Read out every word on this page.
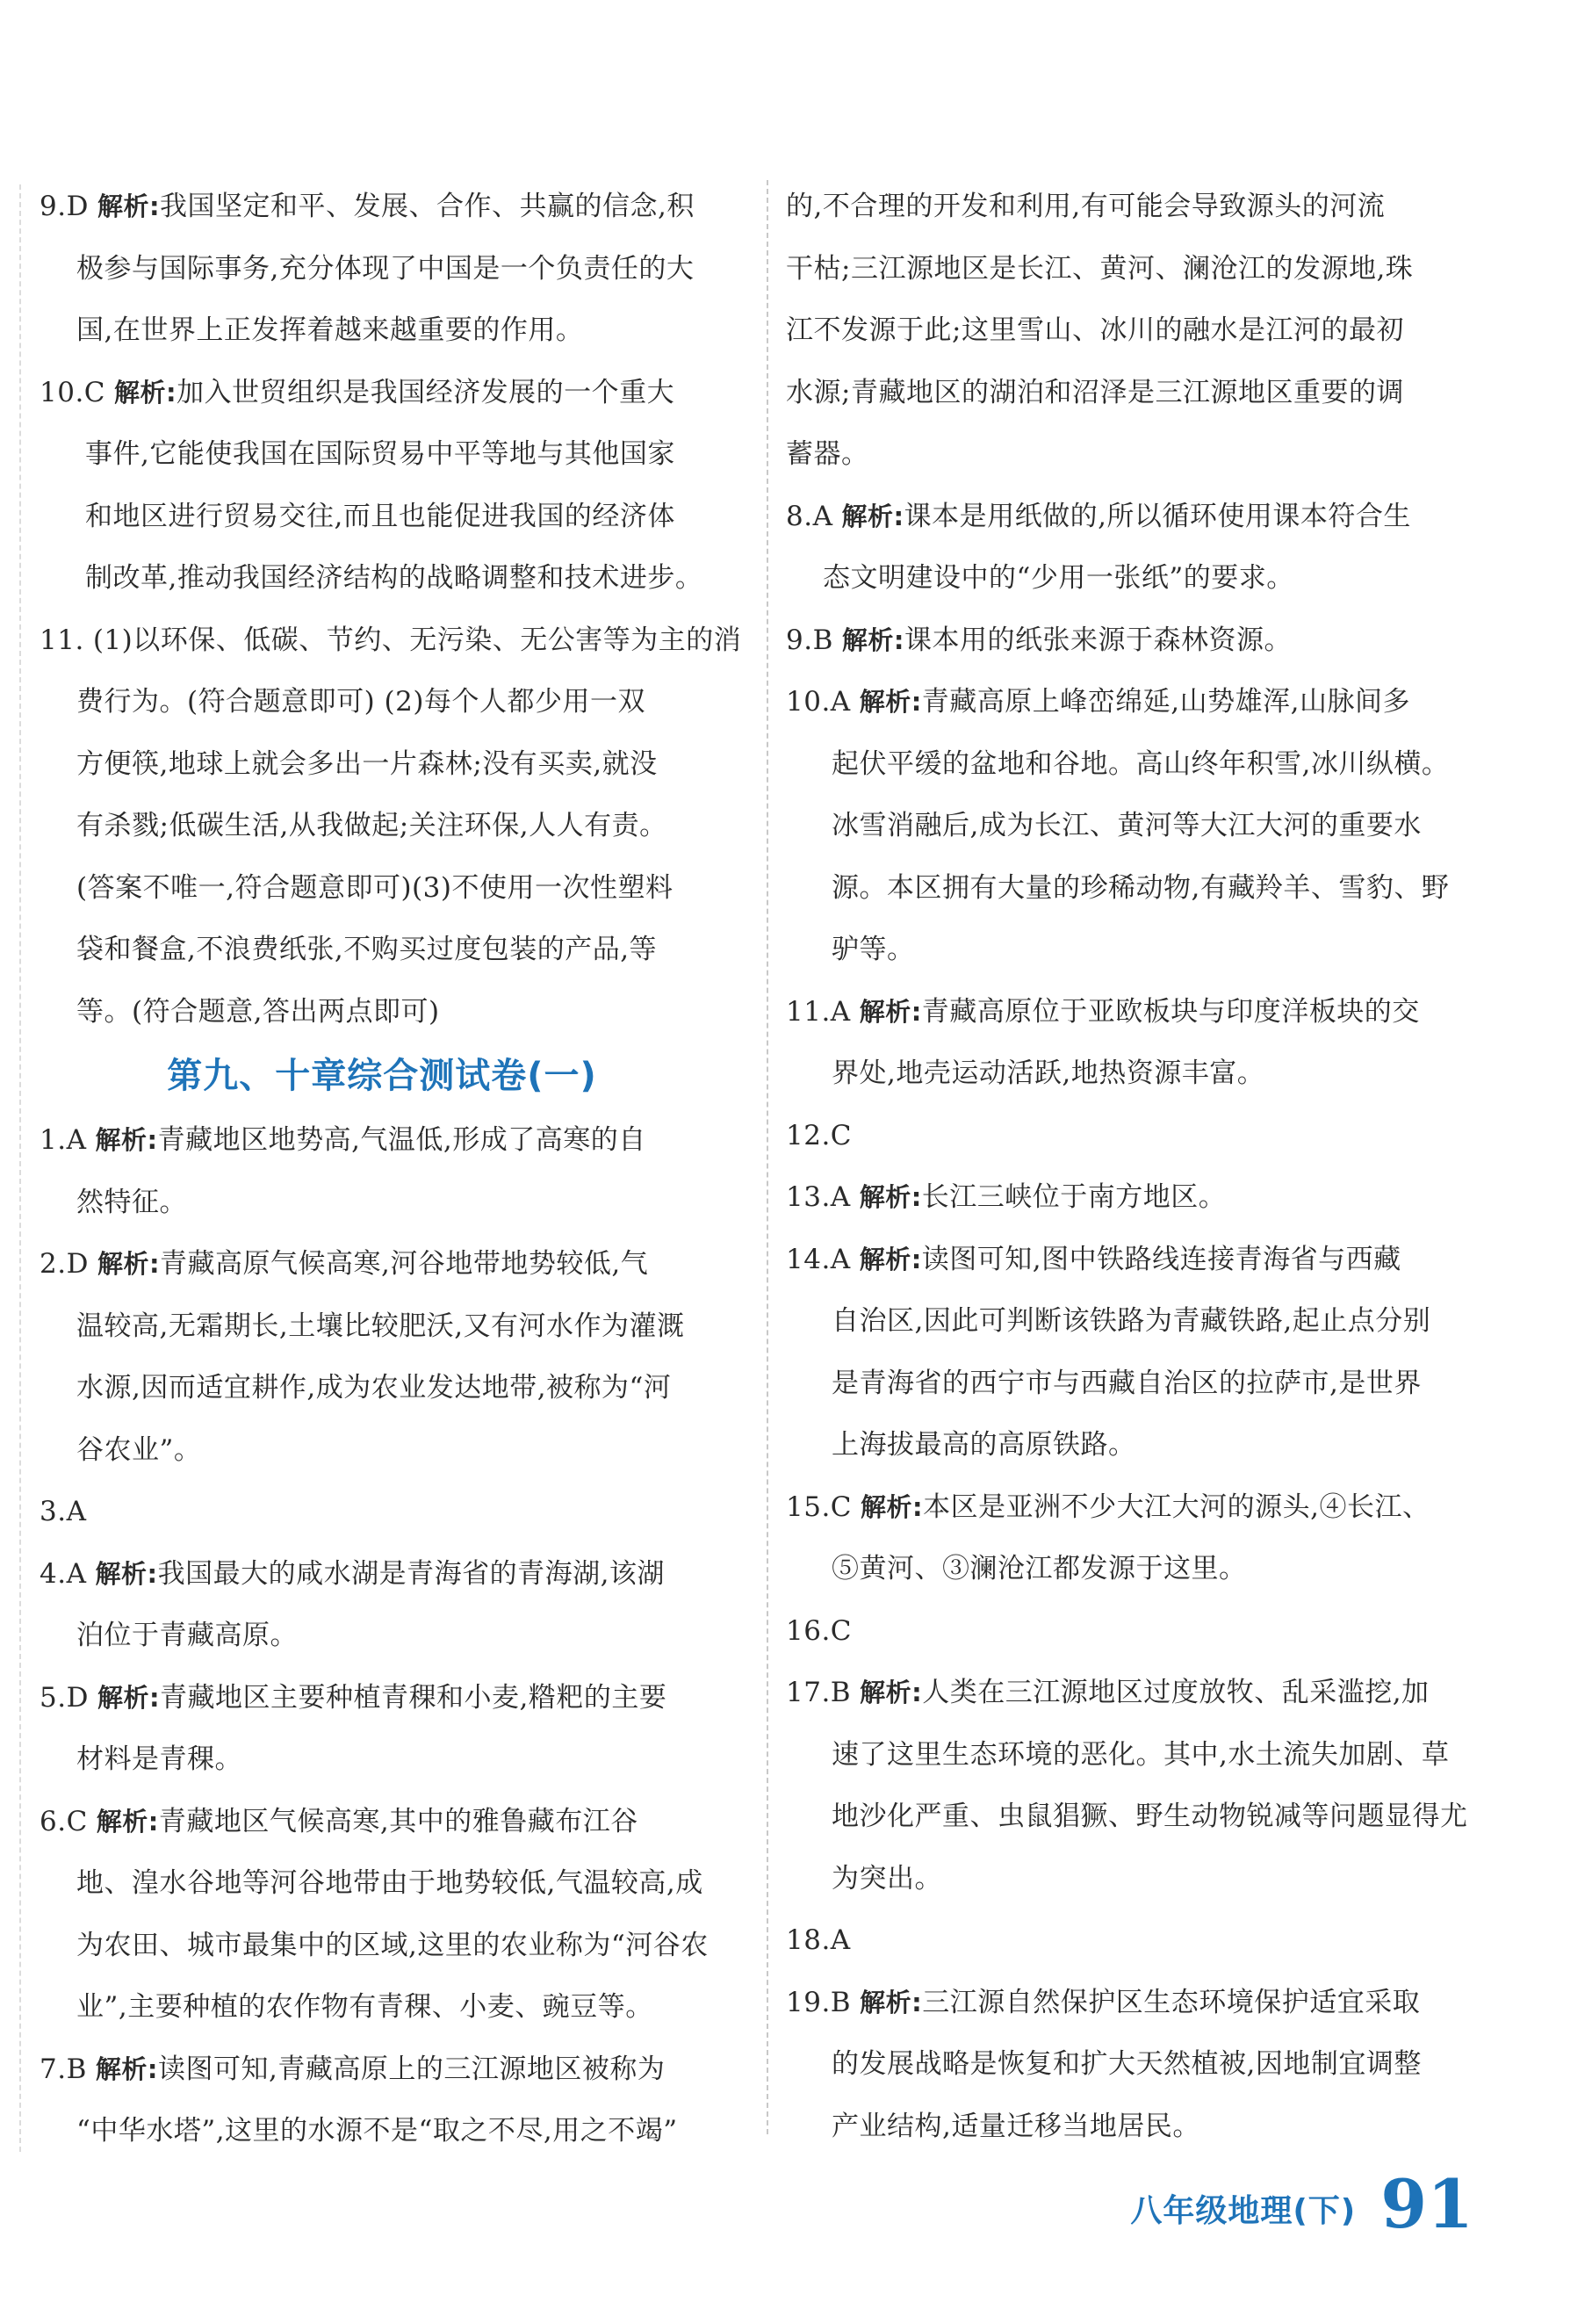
9.D 解析:我国坚定和平、发展、合作、共赢的信念,积
极参与国际事务,充分体现了中国是一个负责任的大
国,在世界上正发挥着越来越重要的作用。
10.C 解析:加入世贸组织是我国经济发展的一个重大
事件,它能使我国在国际贸易中平等地与其他国家
和地区进行贸易交往,而且也能促进我国的经济体
制改革,推动我国经济结构的战略调整和技术进步。
11. (1)以环保、低碳、节约、无污染、无公害等为主的消
费行为。(符合题意即可) (2)每个人都少用一双
方便筷,地球上就会多出一片森林;没有买卖,就没
有杀戮;低碳生活,从我做起;关注环保,人人有责。
(答案不唯一,符合题意即可)(3)不使用一次性塑料
袋和餐盒,不浪费纸张,不购买过度包装的产品,等
等。(符合题意,答出两点即可)
第九、十章综合测试卷(一)
1.A 解析:青藏地区地势高,气温低,形成了高寒的自
然特征。
2.D 解析:青藏高原气候高寒,河谷地带地势较低,气
温较高,无霜期长,土壤比较肥沃,又有河水作为灌溉
水源,因而适宜耕作,成为农业发达地带,被称为“河
谷农业”。
3.A
4.A 解析:我国最大的咸水湖是青海省的青海湖,该湖
泊位于青藏高原。
5.D 解析:青藏地区主要种植青稞和小麦,糌粑的主要
材料是青稞。
6.C 解析:青藏地区气候高寒,其中的雅鲁藏布江谷
地、湟水谷地等河谷地带由于地势较低,气温较高,成
为农田、城市最集中的区域,这里的农业称为“河谷农
业”,主要种植的农作物有青稞、小麦、豌豆等。
7.B 解析:读图可知,青藏高原上的三江源地区被称为
“中华水塔”,这里的水源不是“取之不尽,用之不竭”
的,不合理的开发和利用,有可能会导致源头的河流
干枯;三江源地区是长江、黄河、澜沧江的发源地,珠
江不发源于此;这里雪山、冰川的融水是江河的最初
水源;青藏地区的湖泊和沼泽是三江源地区重要的调
蓄器。
8.A 解析:课本是用纸做的,所以循环使用课本符合生
态文明建设中的“少用一张纸”的要求。
9.B 解析:课本用的纸张来源于森林资源。
10.A 解析:青藏高原上峰峦绵延,山势雄浑,山脉间多
起伏平缓的盆地和谷地。高山终年积雪,冰川纵横。
冰雪消融后,成为长江、黄河等大江大河的重要水
源。本区拥有大量的珍稀动物,有藏羚羊、雪豹、野
驴等。
11.A 解析:青藏高原位于亚欧板块与印度洋板块的交
界处,地壳运动活跃,地热资源丰富。
12.C
13.A 解析:长江三峡位于南方地区。
14.A 解析:读图可知,图中铁路线连接青海省与西藏
自治区,因此可判断该铁路为青藏铁路,起止点分别
是青海省的西宁市与西藏自治区的拉萨市,是世界
上海拔最高的高原铁路。
15.C 解析:本区是亚洲不少大江大河的源头,④长江、
⑤黄河、③澜沧江都发源于这里。
16.C
17.B 解析:人类在三江源地区过度放牧、乱采滥挖,加
速了这里生态环境的恶化。其中,水土流失加剧、草
地沙化严重、虫鼠猖獗、野生动物锐减等问题显得尤
为突出。
18.A
19.B 解析:三江源自然保护区生态环境保护适宜采取
的发展战略是恢复和扩大天然植被,因地制宜调整
产业结构,适量迁移当地居民。
八年级地理(下) 91
